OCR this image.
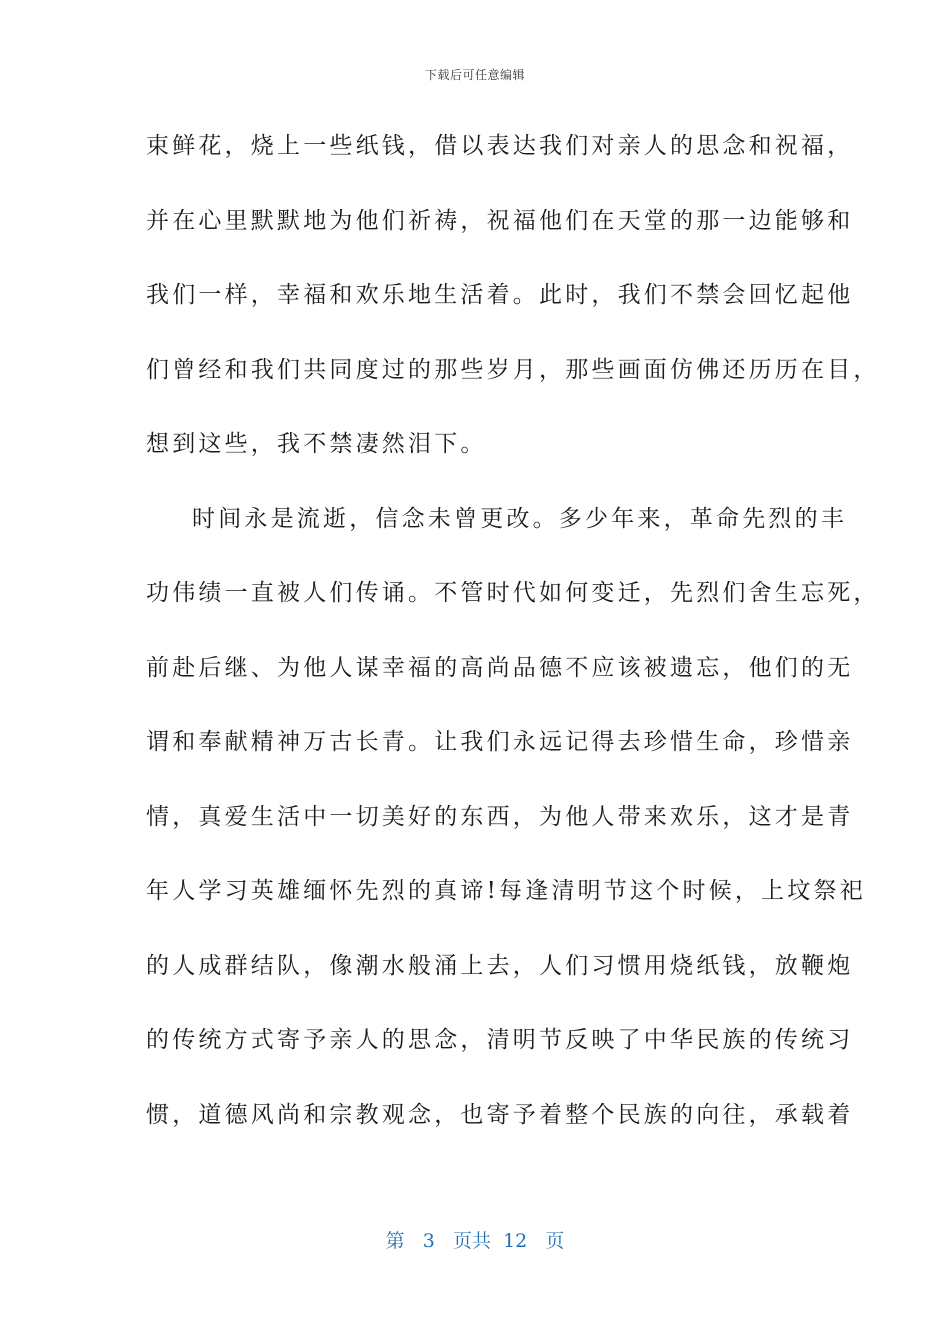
下载后可任意编辑
束鲜花，烧上一些纸钱，借以表达我们对亲人的思念和祝福，
并在心里默默地为他们祈祷，祝福他们在天堂的那一边能够和
我们一样，幸福和欢乐地生活着。此时，我们不禁会回忆起他
们曾经和我们共同度过的那些岁月，那些画面仿佛还历历在目，
想到这些，我不禁凄然泪下。
时间永是流逝，信念未曾更改。多少年来，革命先烈的丰
功伟绩一直被人们传诵。不管时代如何变迁，先烈们舍生忘死，
前赴后继、为他人谋幸福的高尚品德不应该被遗忘，他们的无
谓和奉献精神万古长青。让我们永远记得去珍惜生命，珍惜亲
情，真爱生活中一切美好的东西，为他人带来欢乐，这才是青
年人学习英雄缅怀先烈的真谛!每逢清明节这个时候，上坟祭祀
的人成群结队，像潮水般涌上去，人们习惯用烧纸钱，放鞭炮
的传统方式寄予亲人的思念，清明节反映了中华民族的传统习
惯，道德风尚和宗教观念，也寄予着整个民族的向往，承载着
第 3 页共 12 页
